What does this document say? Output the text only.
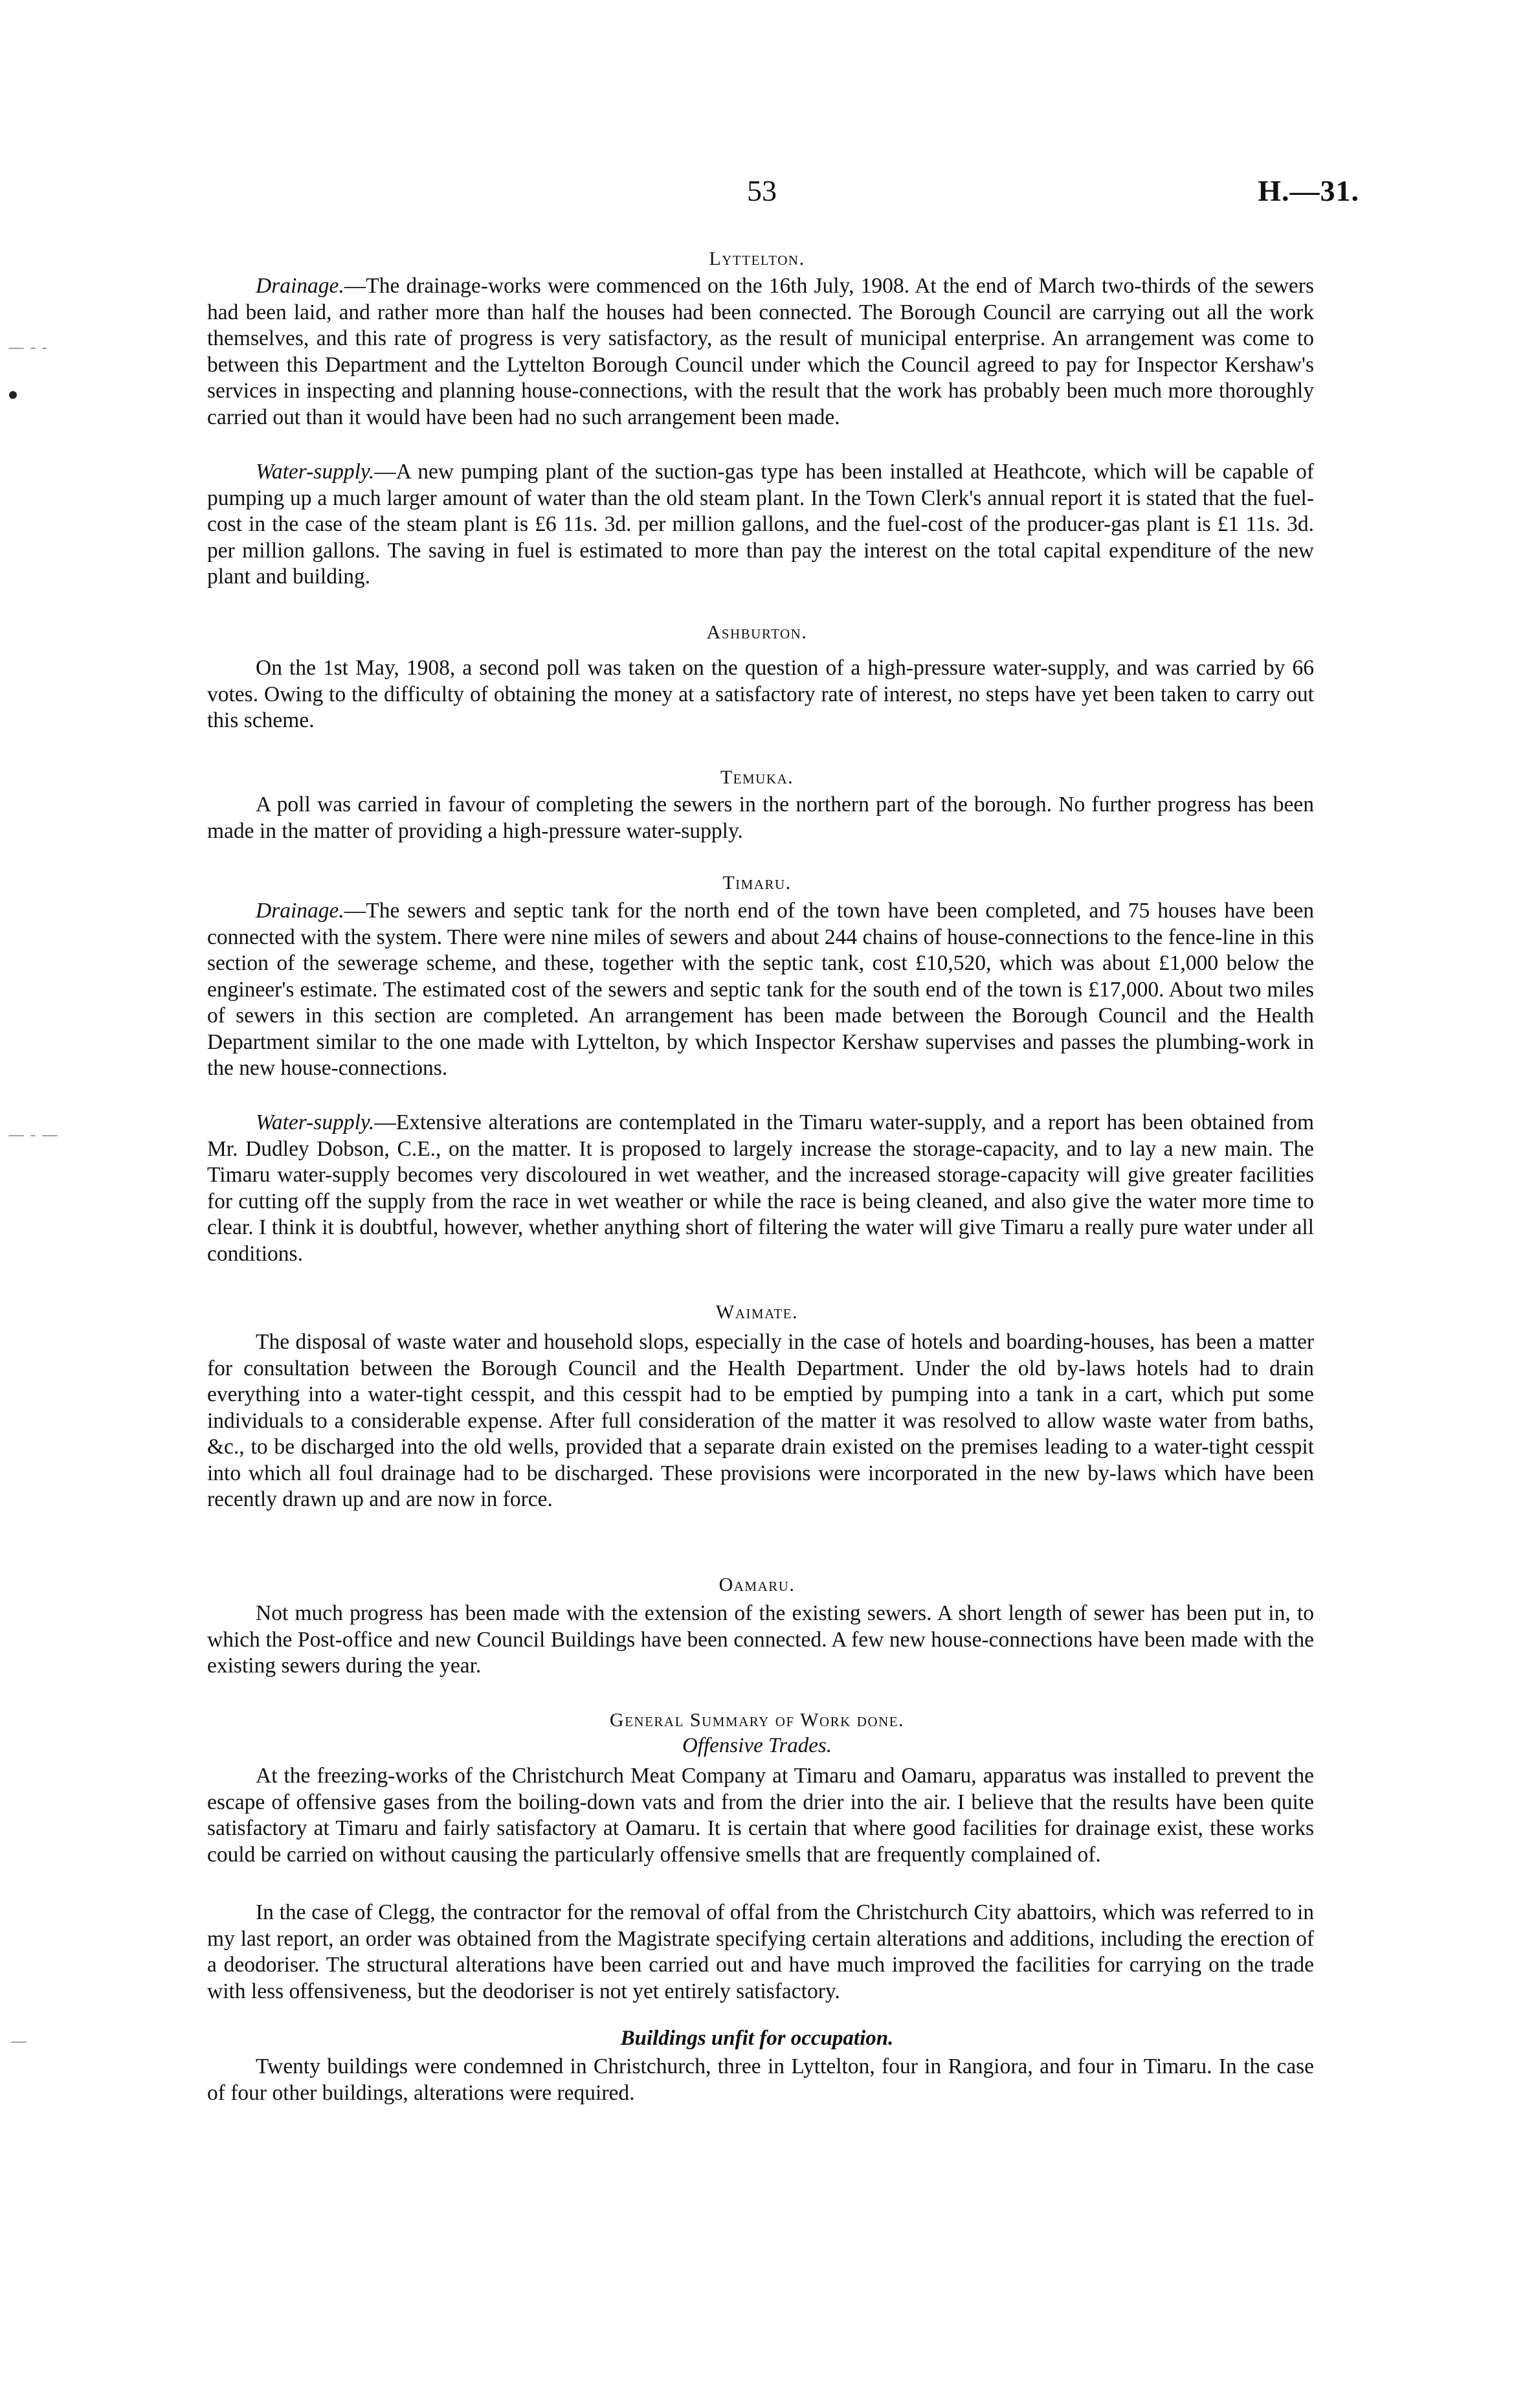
53	H.—31.
— - -
— - —
—
Lyttelton.

Drainage.—The drainage-works were commenced on the 16th July, 1908. At the end of March two-thirds of the sewers had been laid, and rather more than half the houses had been connected. The Borough Council are carrying out all the work themselves, and this rate of progress is very satisfactory, as the result of municipal enterprise. An arrangement was come to between this Department and the Lyttelton Borough Council under which the Council agreed to pay for Inspector Kershaw's services in inspecting and planning house-connections, with the result that the work has probably been much more thoroughly carried out than it would have been had no such arrangement been made.

Water-supply.—A new pumping plant of the suction-gas type has been installed at Heathcote, which will be capable of pumping up a much larger amount of water than the old steam plant. In the Town Clerk's annual report it is stated that the fuel-cost in the case of the steam plant is £6 11s. 3d. per million gallons, and the fuel-cost of the producer-gas plant is £1 11s. 3d. per million gallons. The saving in fuel is estimated to more than pay the interest on the total capital expenditure of the new plant and building.

Ashburton.

On the 1st May, 1908, a second poll was taken on the question of a high-pressure water-supply, and was carried by 66 votes. Owing to the difficulty of obtaining the money at a satisfactory rate of interest, no steps have yet been taken to carry out this scheme.

Temuka.

A poll was carried in favour of completing the sewers in the northern part of the borough. No further progress has been made in the matter of providing a high-pressure water-supply.

Timaru.

Drainage.—The sewers and septic tank for the north end of the town have been completed, and 75 houses have been connected with the system. There were nine miles of sewers and about 244 chains of house-connections to the fence-line in this section of the sewerage scheme, and these, together with the septic tank, cost £10,520, which was about £1,000 below the engineer's estimate. The estimated cost of the sewers and septic tank for the south end of the town is £17,000. About two miles of sewers in this section are completed. An arrangement has been made between the Borough Council and the Health Department similar to the one made with Lyttelton, by which Inspector Kershaw supervises and passes the plumbing-work in the new house-connections.

Water-supply.—Extensive alterations are contemplated in the Timaru water-supply, and a report has been obtained from Mr. Dudley Dobson, C.E., on the matter. It is proposed to largely increase the storage-capacity, and to lay a new main. The Timaru water-supply becomes very discoloured in wet weather, and the increased storage-capacity will give greater facilities for cutting off the supply from the race in wet weather or while the race is being cleaned, and also give the water more time to clear. I think it is doubtful, however, whether anything short of filtering the water will give Timaru a really pure water under all conditions.

Waimate.

The disposal of waste water and household slops, especially in the case of hotels and boarding-houses, has been a matter for consultation between the Borough Council and the Health Department. Under the old by-laws hotels had to drain everything into a water-tight cesspit, and this cesspit had to be emptied by pumping into a tank in a cart, which put some individuals to a considerable expense. After full consideration of the matter it was resolved to allow waste water from baths, &c., to be discharged into the old wells, provided that a separate drain existed on the premises leading to a water-tight cesspit into which all foul drainage had to be discharged. These provisions were incorporated in the new by-laws which have been recently drawn up and are now in force.

Oamaru.

Not much progress has been made with the extension of the existing sewers. A short length of sewer has been put in, to which the Post-office and new Council Buildings have been connected. A few new house-connections have been made with the existing sewers during the year.

General Summary of Work done.
Offensive Trades.

At the freezing-works of the Christchurch Meat Company at Timaru and Oamaru, apparatus was installed to prevent the escape of offensive gases from the boiling-down vats and from the drier into the air. I believe that the results have been quite satisfactory at Timaru and fairly satisfactory at Oamaru. It is certain that where good facilities for drainage exist, these works could be carried on without causing the particularly offensive smells that are frequently complained of.

In the case of Clegg, the contractor for the removal of offal from the Christchurch City abattoirs, which was referred to in my last report, an order was obtained from the Magistrate specifying certain alterations and additions, including the erection of a deodoriser. The structural alterations have been carried out and have much improved the facilities for carrying on the trade with less offensiveness, but the deodoriser is not yet entirely satisfactory.

Buildings unfit for occupation.

Twenty buildings were condemned in Christchurch, three in Lyttelton, four in Rangiora, and four in Timaru. In the case of four other buildings, alterations were required.
